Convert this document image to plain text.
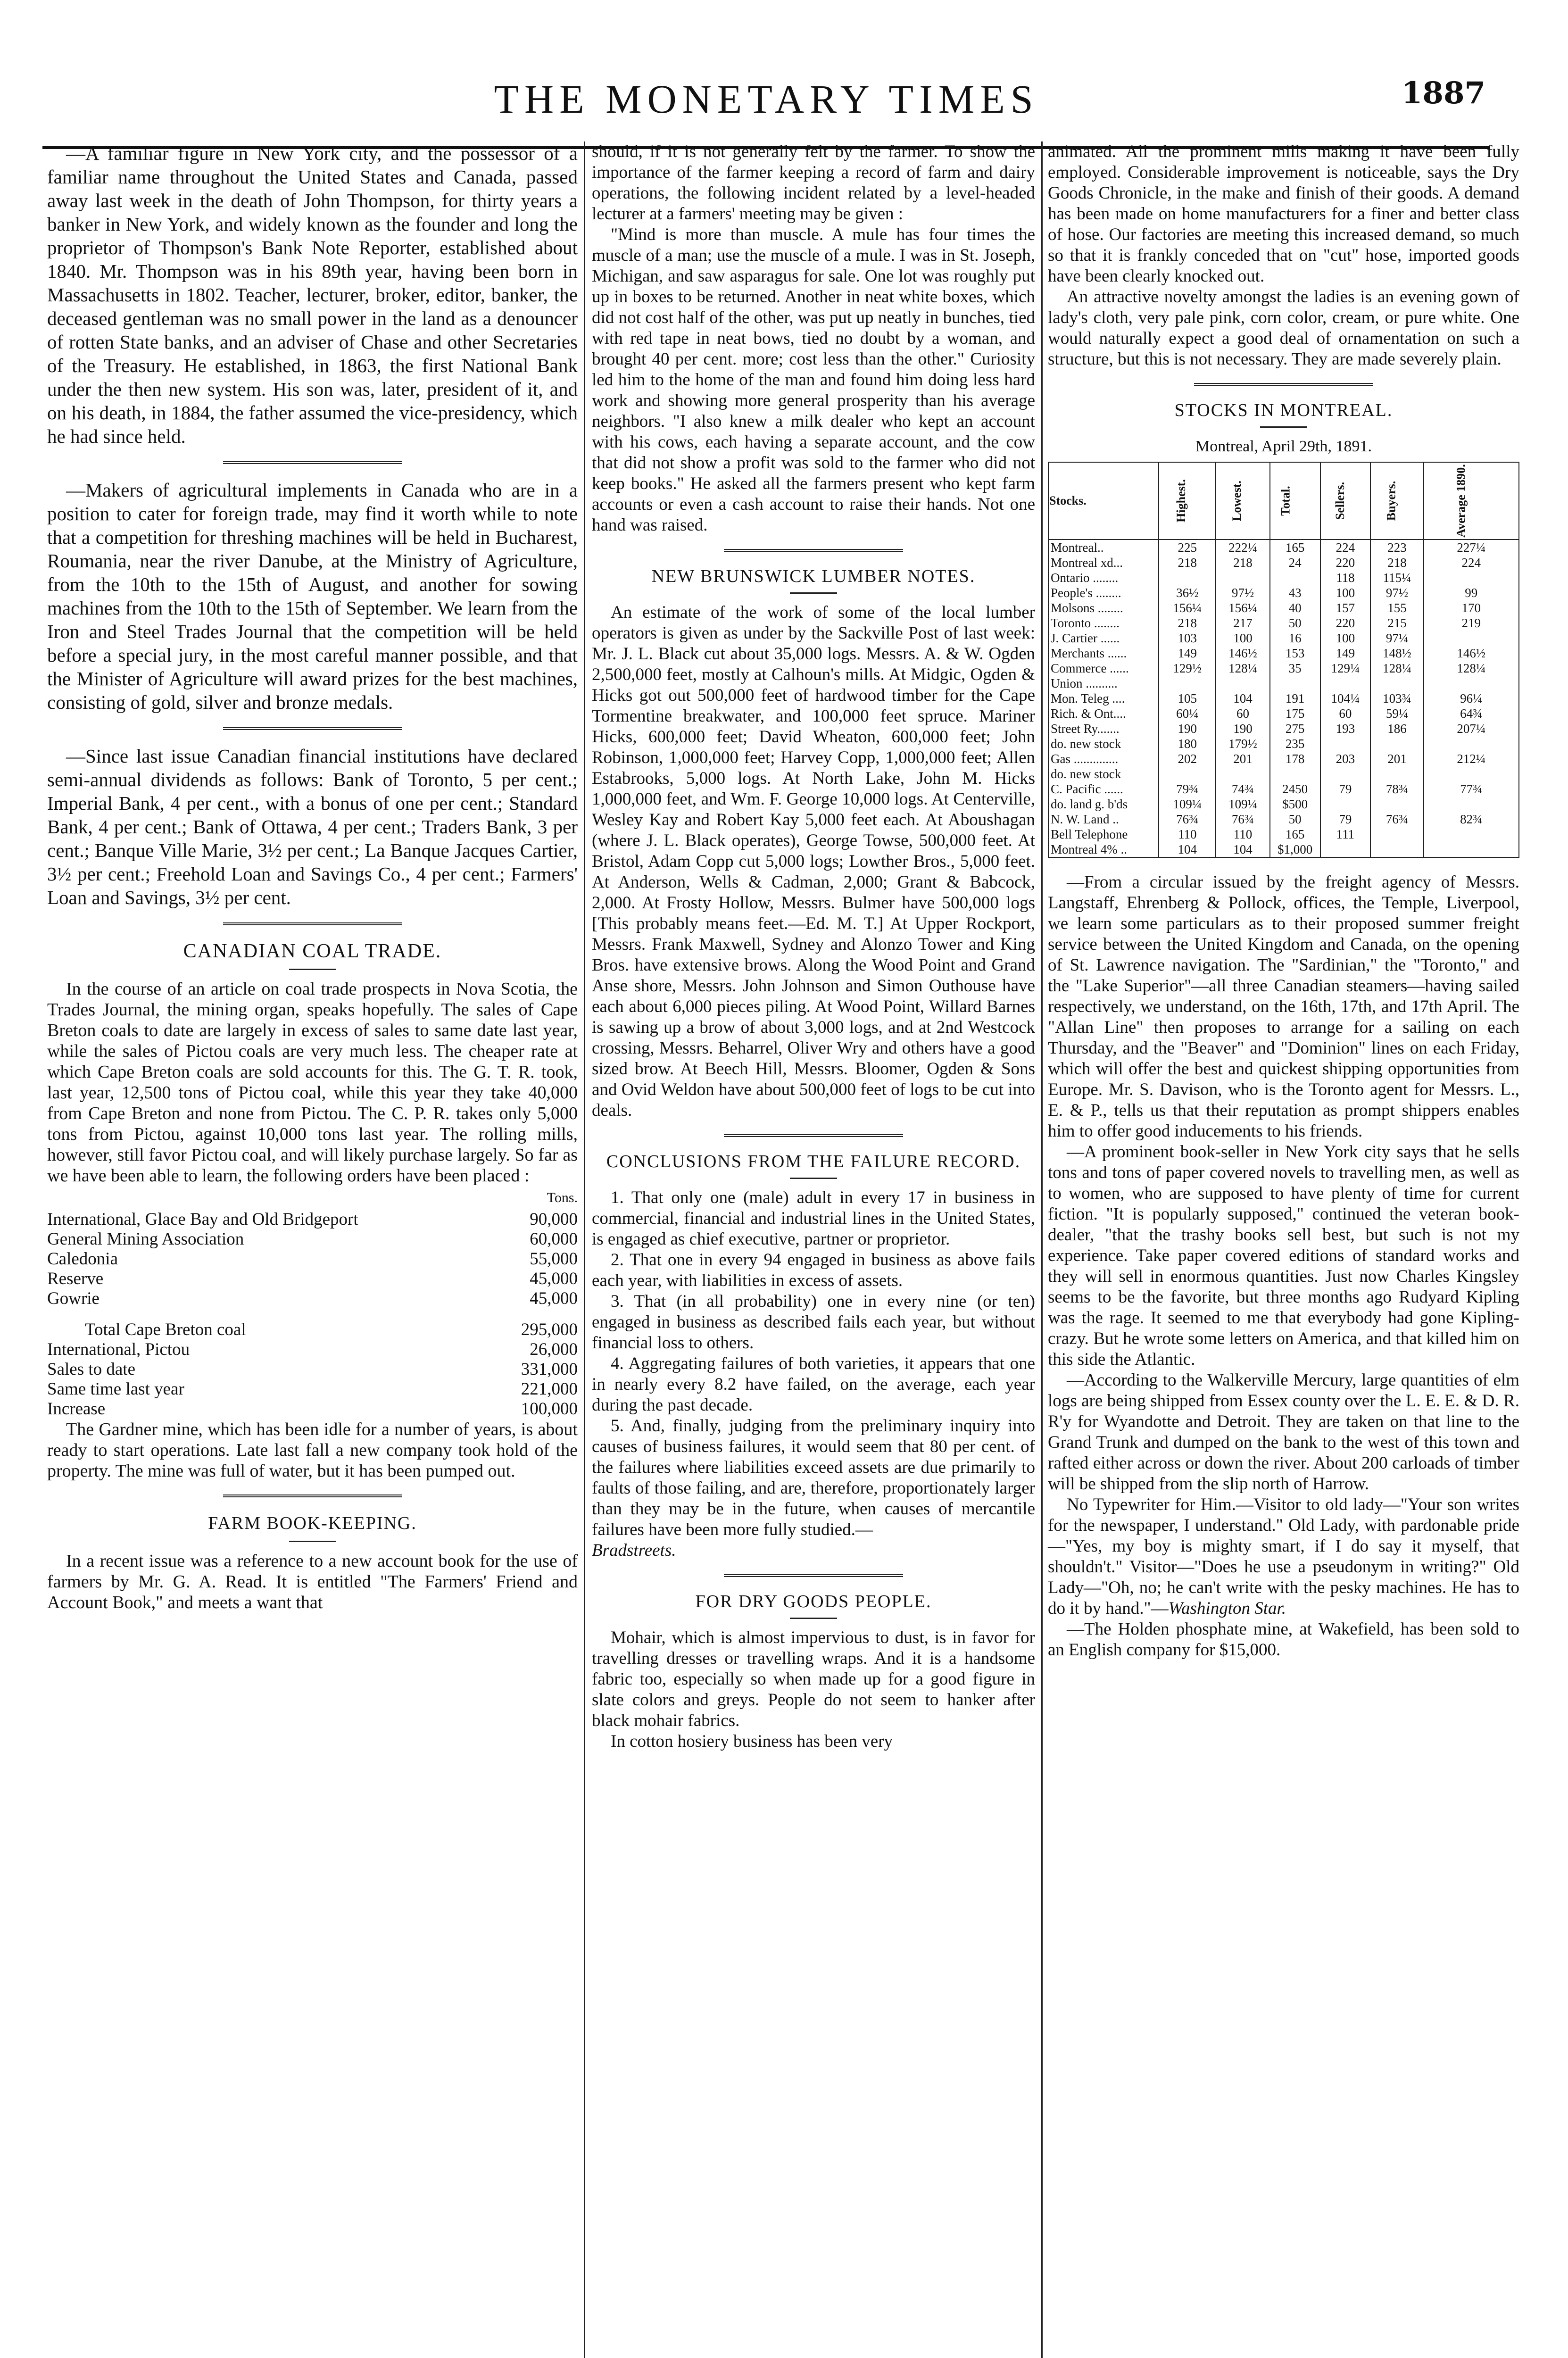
THE MONETARY TIMES	1887

—A familiar figure in New York city, and the possessor of a familiar name throughout the United States and Canada, passed away last week in the death of John Thompson, for thirty years a banker in New York, and widely known as the founder and long the proprietor of Thompson's Bank Note Reporter, established about 1840. Mr. Thompson was in his 89th year, having been born in Massachusetts in 1802. Teacher, lecturer, broker, editor, banker, the deceased gentleman was no small power in the land as a denouncer of rotten State banks, and an adviser of Chase and other Secretaries of the Treasury. He established, in 1863, the first National Bank under the then new system. His son was, later, president of it, and on his death, in 1884, the father assumed the vice-presidency, which he had since held.

—Makers of agricultural implements in Canada who are in a position to cater for foreign trade, may find it worth while to note that a competition for threshing machines will be held in Bucharest, Roumania, near the river Danube, at the Ministry of Agriculture, from the 10th to the 15th of August, and another for sowing machines from the 10th to the 15th of September. We learn from the Iron and Steel Trades Journal that the competition will be held before a special jury, in the most careful manner possible, and that the Minister of Agriculture will award prizes for the best machines, consisting of gold, silver and bronze medals.

—Since last issue Canadian financial institutions have declared semi-annual dividends as follows: Bank of Toronto, 5 per cent.; Imperial Bank, 4 per cent., with a bonus of one per cent.; Standard Bank, 4 per cent.; Bank of Ottawa, 4 per cent.; Traders Bank, 3 per cent.; Banque Ville Marie, 3½ per cent.; La Banque Jacques Cartier, 3½ per cent.; Freehold Loan and Savings Co., 4 per cent.; Farmers' Loan and Savings, 3½ per cent.

CANADIAN COAL TRADE.

In the course of an article on coal trade prospects in Nova Scotia, the Trades Journal, the mining organ, speaks hopefully. The sales of Cape Breton coals to date are largely in excess of sales to same date last year, while the sales of Pictou coals are very much less. The cheaper rate at which Cape Breton coals are sold accounts for this. The G. T. R. took, last year, 12,500 tons of Pictou coal, while this year they take 40,000 from Cape Breton and none from Pictou. The C. P. R. takes only 5,000 tons from Pictou, against 10,000 tons last year. The rolling mills, however, still favor Pictou coal, and will likely purchase largely. So far as we have been able to learn, the following orders have been placed :

Tons.
International, Glace Bay and Old Bridgeport	90,000
General Mining Association	60,000
Caledonia	55,000
Reserve	45,000
Gowrie	45,000

Total Cape Breton coal	295,000
International, Pictou	26,000
Sales to date	331,000
Same time last year	221,000
Increase	100,000

The Gardner mine, which has been idle for a number of years, is about ready to start operations. Late last fall a new company took hold of the property. The mine was full of water, but it has been pumped out.

FARM BOOK-KEEPING.

In a recent issue was a reference to a new account book for the use of farmers by Mr. G. A. Read. It is entitled "The Farmers' Friend and Account Book," and meets a want that

should, if it is not generally felt by the farmer. To show the importance of the farmer keeping a record of farm and dairy operations, the following incident related by a level-headed lecturer at a farmers' meeting may be given :

"Mind is more than muscle. A mule has four times the muscle of a man; use the muscle of a mule. I was in St. Joseph, Michigan, and saw asparagus for sale. One lot was roughly put up in boxes to be returned. Another in neat white boxes, which did not cost half of the other, was put up neatly in bunches, tied with red tape in neat bows, tied no doubt by a woman, and brought 40 per cent. more; cost less than the other." Curiosity led him to the home of the man and found him doing less hard work and showing more general prosperity than his average neighbors. "I also knew a milk dealer who kept an account with his cows, each having a separate account, and the cow that did not show a profit was sold to the farmer who did not keep books." He asked all the farmers present who kept farm accounts or even a cash account to raise their hands. Not one hand was raised.

NEW BRUNSWICK LUMBER NOTES.

An estimate of the work of some of the local lumber operators is given as under by the Sackville Post of last week: Mr. J. L. Black cut about 35,000 logs. Messrs. A. & W. Ogden 2,500,000 feet, mostly at Calhoun's mills. At Midgic, Ogden & Hicks got out 500,000 feet of hardwood timber for the Cape Tormentine breakwater, and 100,000 feet spruce. Mariner Hicks, 600,000 feet; David Wheaton, 600,000 feet; John Robinson, 1,000,000 feet; Harvey Copp, 1,000,000 feet; Allen Estabrooks, 5,000 logs. At North Lake, John M. Hicks 1,000,000 feet, and Wm. F. George 10,000 logs. At Centerville, Wesley Kay and Robert Kay 5,000 feet each. At Aboushagan (where J. L. Black operates), George Towse, 500,000 feet. At Bristol, Adam Copp cut 5,000 logs; Lowther Bros., 5,000 feet. At Anderson, Wells & Cadman, 2,000; Grant & Babcock, 2,000. At Frosty Hollow, Messrs. Bulmer have 500,000 logs [This probably means feet.—Ed. M. T.] At Upper Rockport, Messrs. Frank Maxwell, Sydney and Alonzo Tower and King Bros. have extensive brows. Along the Wood Point and Grand Anse shore, Messrs. John Johnson and Simon Outhouse have each about 6,000 pieces piling. At Wood Point, Willard Barnes is sawing up a brow of about 3,000 logs, and at 2nd Westcock crossing, Messrs. Beharrel, Oliver Wry and others have a good sized brow. At Beech Hill, Messrs. Bloomer, Ogden & Sons and Ovid Weldon have about 500,000 feet of logs to be cut into deals.

CONCLUSIONS FROM THE FAILURE RECORD.

1. That only one (male) adult in every 17 in business in commercial, financial and industrial lines in the United States, is engaged as chief executive, partner or proprietor.

2. That one in every 94 engaged in business as above fails each year, with liabilities in excess of assets.

3. That (in all probability) one in every nine (or ten) engaged in business as described fails each year, but without financial loss to others.

4. Aggregating failures of both varieties, it appears that one in nearly every 8.2 have failed, on the average, each year during the past decade.

5. And, finally, judging from the preliminary inquiry into causes of business failures, it would seem that 80 per cent. of the failures where liabilities exceed assets are due primarily to faults of those failing, and are, therefore, proportionately larger than they may be in the future, when causes of mercantile failures have been more fully studied.—

Bradstreets.
FOR DRY GOODS PEOPLE.

Mohair, which is almost impervious to dust, is in favor for travelling dresses or travelling wraps. And it is a handsome fabric too, especially so when made up for a good figure in slate colors and greys. People do not seem to hanker after black mohair fabrics.

In cotton hosiery business has been very

animated. All the prominent mills making it have been fully employed. Considerable improvement is noticeable, says the Dry Goods Chronicle, in the make and finish of their goods. A demand has been made on home manufacturers for a finer and better class of hose. Our factories are meeting this increased demand, so much so that it is frankly conceded that on "cut" hose, imported goods have been clearly knocked out.

An attractive novelty amongst the ladies is an evening gown of lady's cloth, very pale pink, corn color, cream, or pure white. One would naturally expect a good deal of ornamentation on such a structure, but this is not necessary. They are made severely plain.

STOCKS IN MONTREAL.
Montreal, April 29th, 1891.
Stocks.	Highest.	Lowest.	Total.	Sellers.	Buyers.	Average 1890.
Montreal..	225	222¼	165	224	223	227¼
Montreal xd...	218	218	24	220	218	224
Ontario ........				118	115¼	
People's ........	36½	97½	43	100	97½	99
Molsons ........	156¼	156¼	40	157	155	170
Toronto ........	218	217	50	220	215	219
J. Cartier ......	103	100	16	100	97¼	
Merchants ......	149	146½	153	149	148½	146½
Commerce ......	129½	128¼	35	129¼	128¼	128¼
Union ..........						
Mon. Teleg ....	105	104	191	104¼	103¾	96¼
Rich. & Ont....	60¼	60	175	60	59¼	64¾
Street Ry.......	190	190	275	193	186	207¼
do. new stock	180	179½	235			
Gas ..............	202	201	178	203	201	212¼
do. new stock						
C. Pacific ......	79¾	74¾	2450	79	78¾	77¾
do. land g. b'ds	109¼	109¼	$500			
N. W. Land ..	76¾	76¾	50	79	76¾	82¾
Bell Telephone	110	110	165	111		
Montreal 4% ..	104	104	$1,000			

—From a circular issued by the freight agency of Messrs. Langstaff, Ehrenberg & Pollock, offices, the Temple, Liverpool, we learn some particulars as to their proposed summer freight service between the United Kingdom and Canada, on the opening of St. Lawrence navigation. The "Sardinian," the "Toronto," and the "Lake Superior"—all three Canadian steamers—having sailed respectively, we understand, on the 16th, 17th, and 17th April. The "Allan Line" then proposes to arrange for a sailing on each Thursday, and the "Beaver" and "Dominion" lines on each Friday, which will offer the best and quickest shipping opportunities from Europe. Mr. S. Davison, who is the Toronto agent for Messrs. L., E. & P., tells us that their reputation as prompt shippers enables him to offer good inducements to his friends.

—A prominent book-seller in New York city says that he sells tons and tons of paper covered novels to travelling men, as well as to women, who are supposed to have plenty of time for current fiction. "It is popularly supposed," continued the veteran book-dealer, "that the trashy books sell best, but such is not my experience. Take paper covered editions of standard works and they will sell in enormous quantities. Just now Charles Kingsley seems to be the favorite, but three months ago Rudyard Kipling was the rage. It seemed to me that everybody had gone Kipling-crazy. But he wrote some letters on America, and that killed him on this side the Atlantic.

—According to the Walkerville Mercury, large quantities of elm logs are being shipped from Essex county over the L. E. E. & D. R. R'y for Wyandotte and Detroit. They are taken on that line to the Grand Trunk and dumped on the bank to the west of this town and rafted either across or down the river. About 200 carloads of timber will be shipped from the slip north of Harrow.

No Typewriter for Him.—Visitor to old lady—"Your son writes for the newspaper, I understand." Old Lady, with pardonable pride—"Yes, my boy is mighty smart, if I do say it myself, that shouldn't." Visitor—"Does he use a pseudonym in writing?" Old Lady—"Oh, no; he can't write with the pesky machines. He has to do it by hand."—Washington Star.

—The Holden phosphate mine, at Wakefield, has been sold to an English company for $15,000.
